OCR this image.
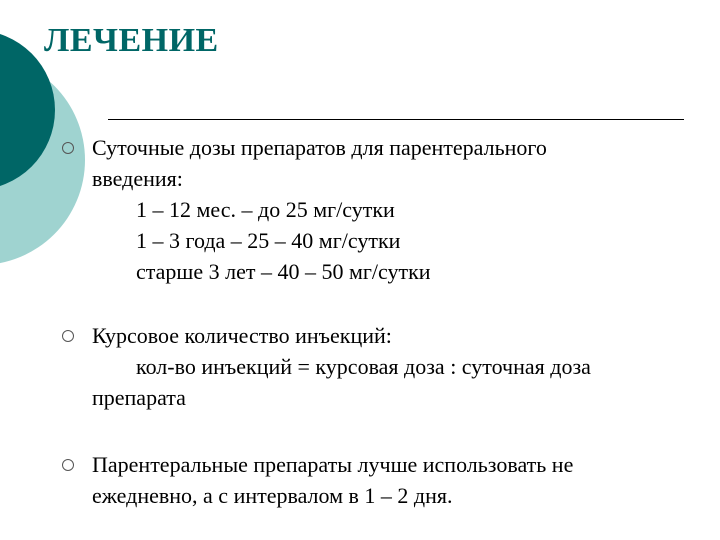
ЛЕЧЕНИЕ
Суточные дозы препаратов для парентерального
введения:
1 – 12 мес. – до 25 мг/сутки
1 – 3 года – 25 – 40 мг/сутки
старше 3 лет – 40 – 50 мг/сутки
Курсовое количество инъекций:
кол-во инъекций = курсовая доза : суточная доза
препарата
Парентеральные препараты лучше использовать не
ежедневно, а с интервалом в 1 – 2 дня.
